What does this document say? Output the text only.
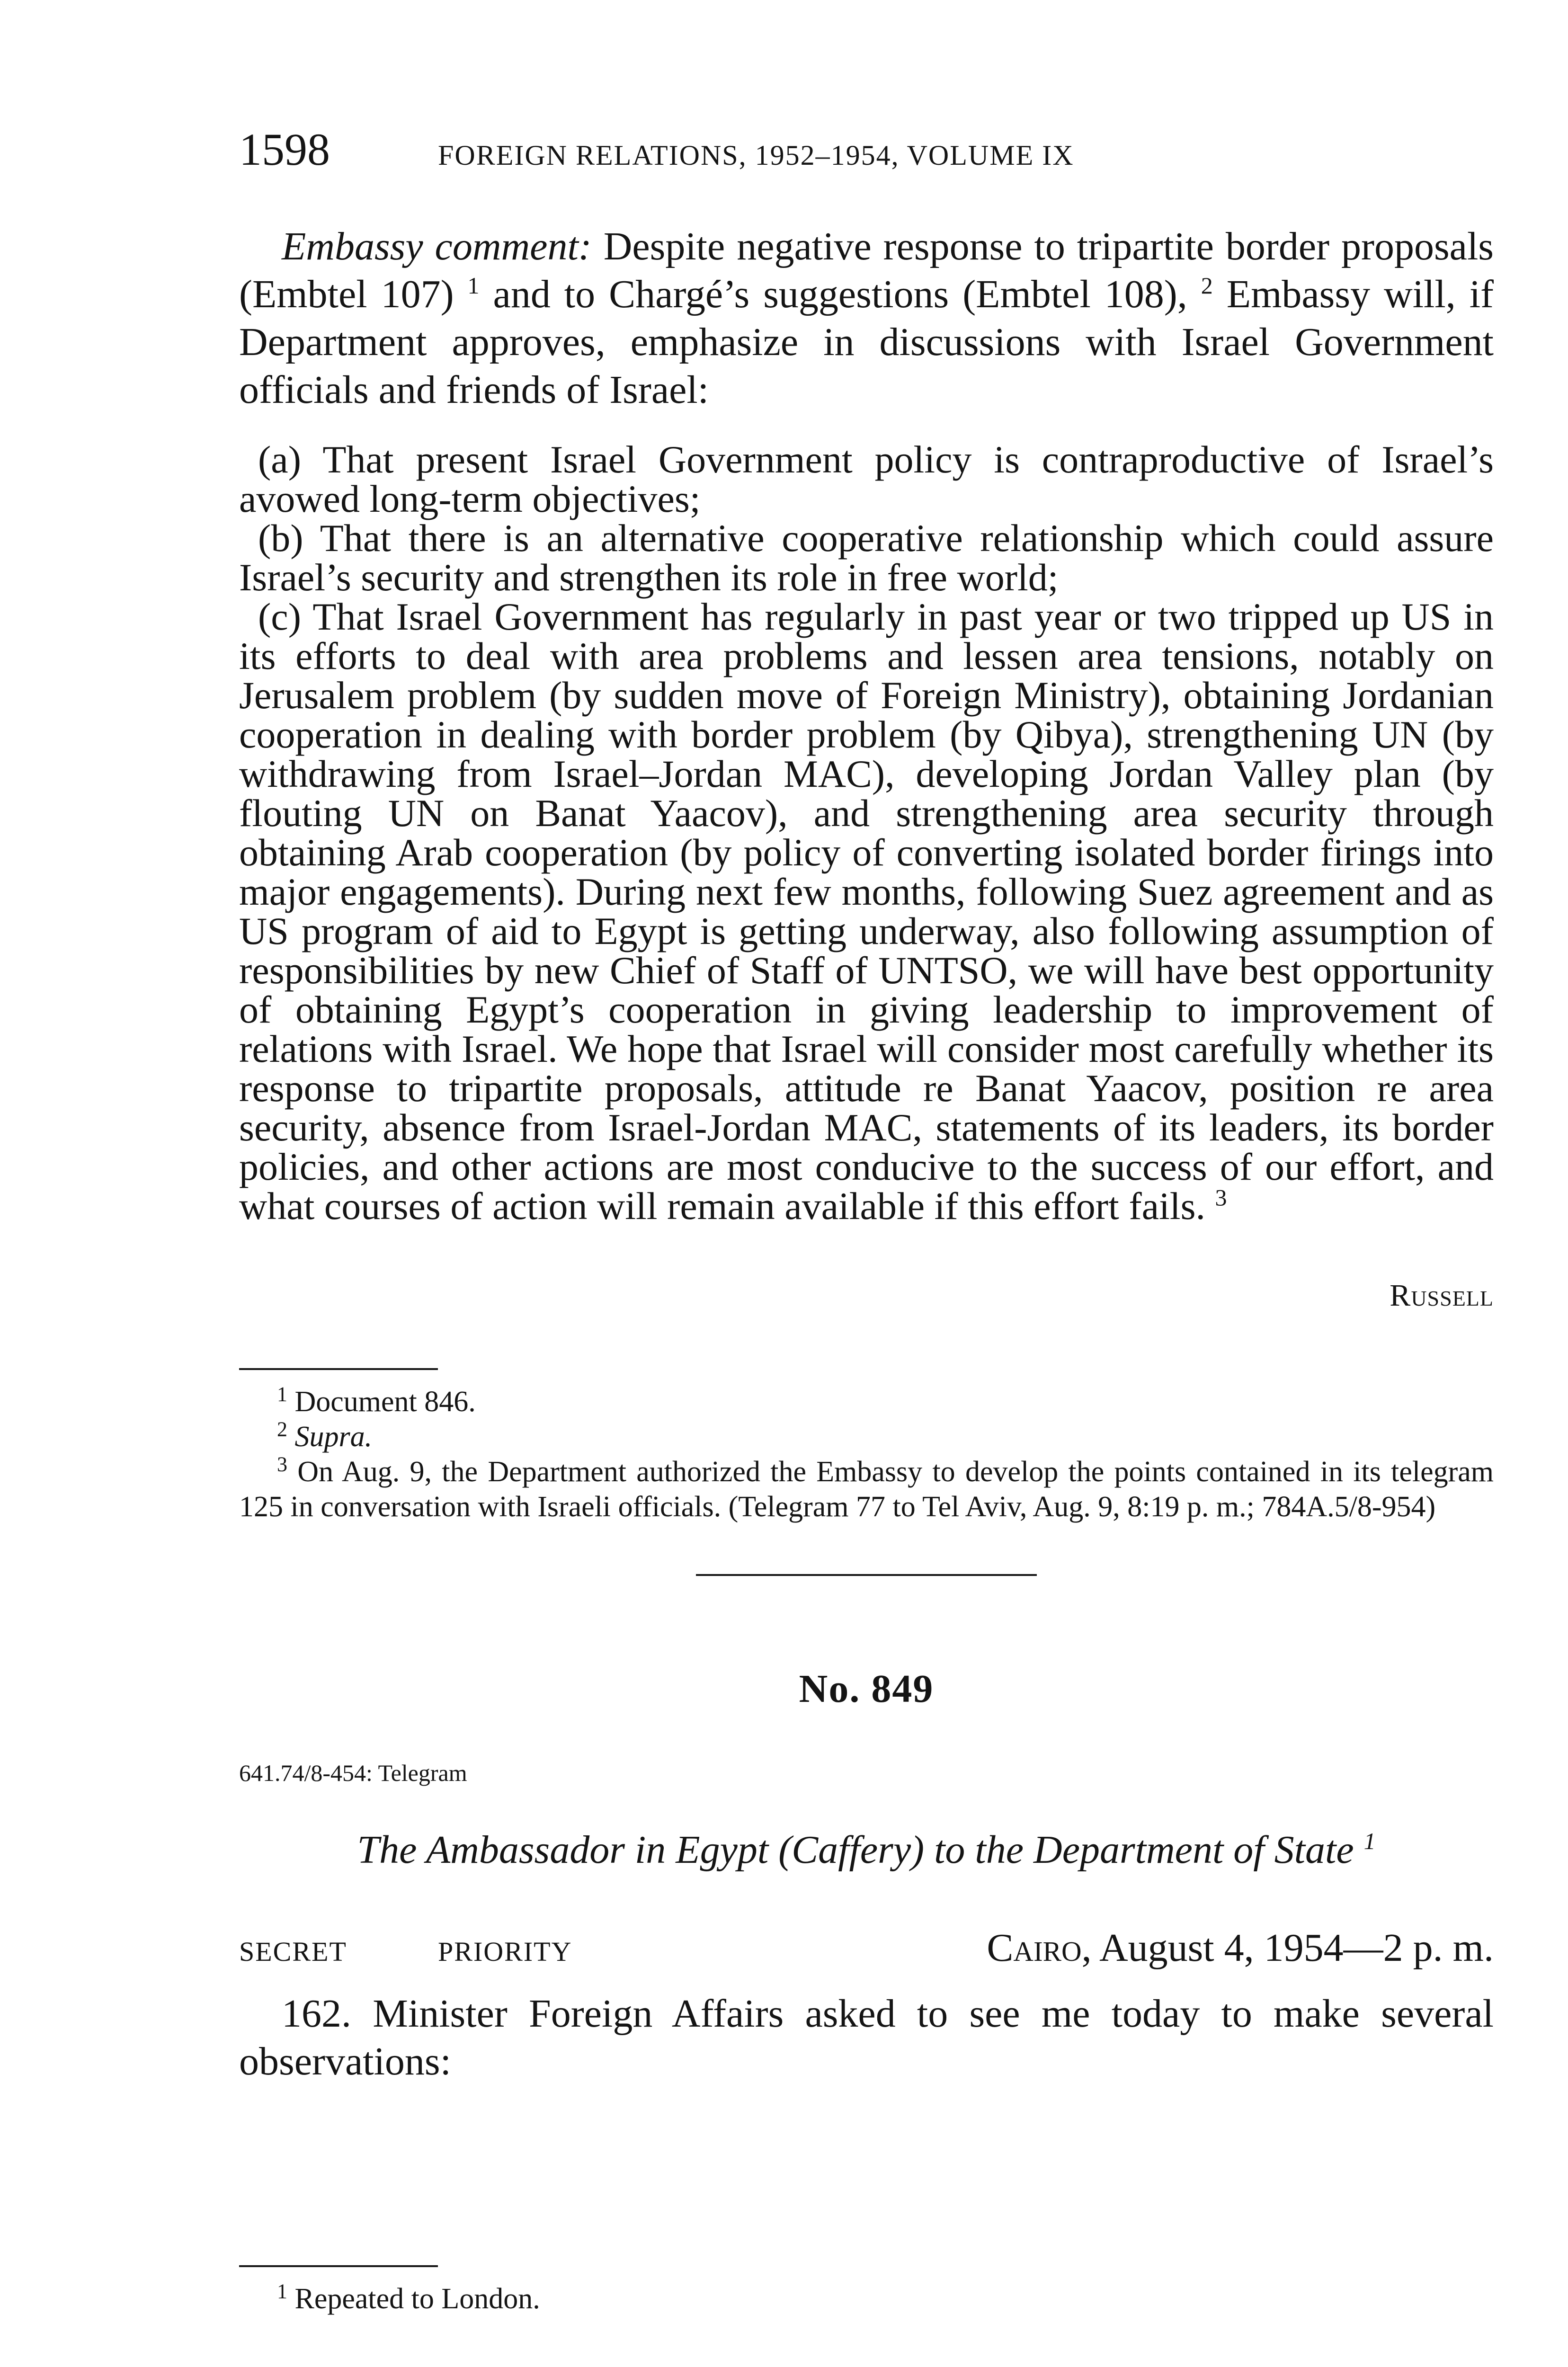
1598	FOREIGN RELATIONS, 1952–1954, VOLUME IX

Embassy comment: Despite negative response to tripartite border proposals (Embtel 107) $^1$ and to Chargé’s suggestions (Embtel 108), $^2$ Embassy will, if Department approves, emphasize in discussions with Israel Government officials and friends of Israel:

(a) That present Israel Government policy is contraproductive of Israel’s avowed long-term objectives;

(b) That there is an alternative cooperative relationship which could assure Israel’s security and strengthen its role in free world;

(c) That Israel Government has regularly in past year or two tripped up US in its efforts to deal with area problems and lessen area tensions, notably on Jerusalem problem (by sudden move of Foreign Ministry), obtaining Jordanian cooperation in dealing with border problem (by Qibya), strengthening UN (by withdrawing from Israel–Jordan MAC), developing Jordan Valley plan (by flouting UN on Banat Yaacov), and strengthening area security through obtaining Arab cooperation (by policy of converting isolated border firings into major engagements). During next few months, following Suez agreement and as US program of aid to Egypt is getting underway, also following assumption of responsibilities by new Chief of Staff of UNTSO, we will have best opportunity of obtaining Egypt’s cooperation in giving leadership to improvement of relations with Israel. We hope that Israel will consider most carefully whether its response to tripartite proposals, attitude re Banat Yaacov, position re area security, absence from Israel-Jordan MAC, statements of its leaders, its border policies, and other actions are most conducive to the success of our effort, and what courses of action will remain available if this effort fails. $^3$

Russell

$^1$ Document 846.

$^2$ Supra.

$^3$ On Aug. 9, the Department authorized the Embassy to develop the points contained in its telegram 125 in conversation with Israeli officials. (Telegram 77 to Tel Aviv, Aug. 9, 8:19 p. m.; 784A.5/8-954)

No. 849
641.74/8-454: Telegram
The Ambassador in Egypt (Caffery) to the Department of State $^1$
SECRET	PRIORITY	Cairo, August 4, 1954—2 p. m.

162. Minister Foreign Affairs asked to see me today to make several observations:

$^1$ Repeated to London.
